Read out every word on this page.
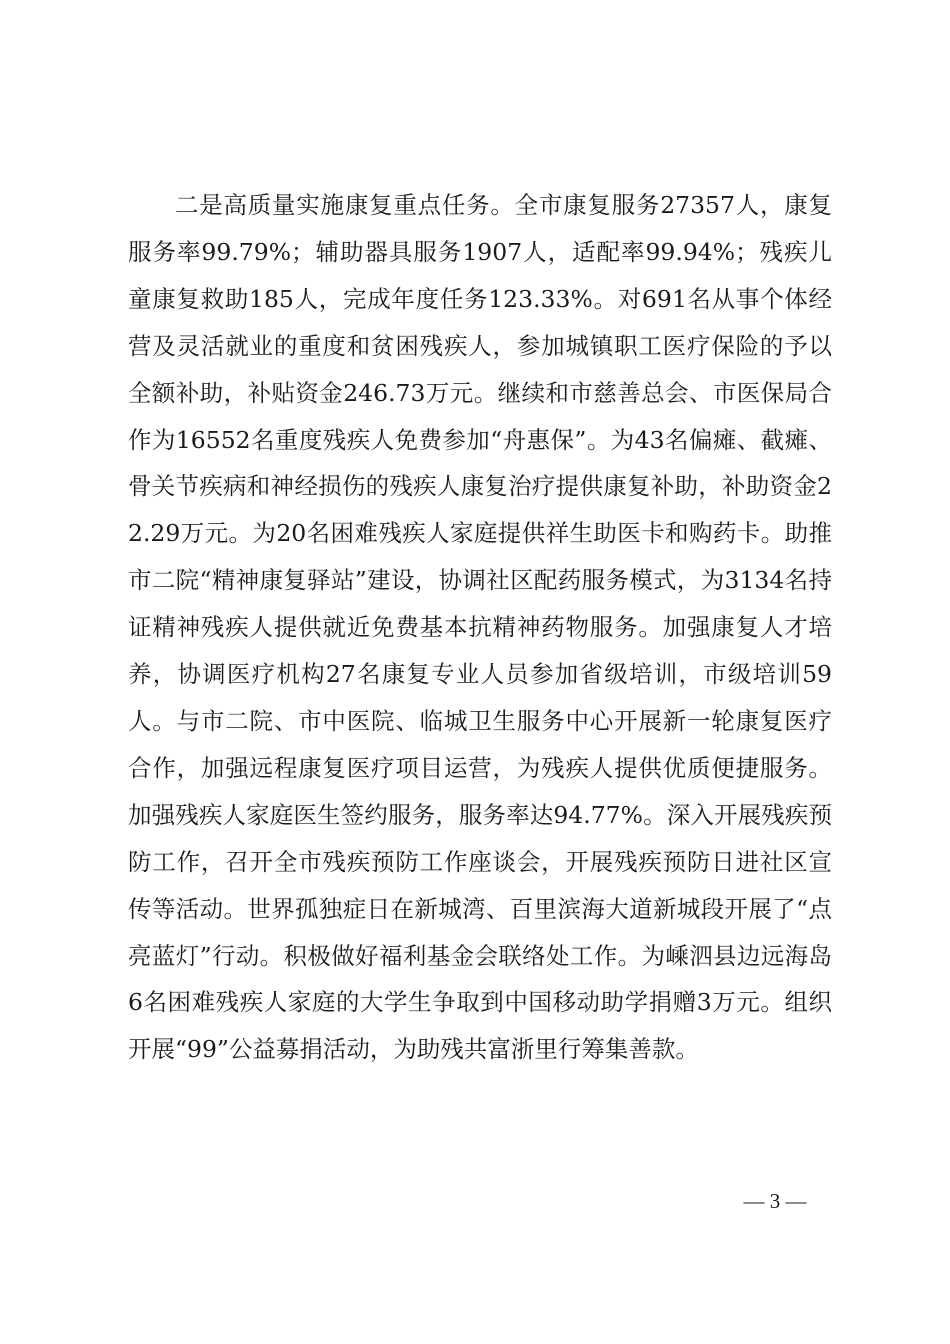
二是高质量实施康复重点任务。全市康复服务27357人，康复服务率99.79%；辅助器具服务1907人，适配率99.94%；残疾儿童康复救助185人，完成年度任务123.33%。对691名从事个体经营及灵活就业的重度和贫困残疾人，参加城镇职工医疗保险的予以全额补助，补贴资金246.73万元。继续和市慈善总会、市医保局合作为16552名重度残疾人免费参加“舟惠保”。为43名偏瘫、截瘫、骨关节疾病和神经损伤的残疾人康复治疗提供康复补助，补助资金22.29万元。为20名困难残疾人家庭提供祥生助医卡和购药卡。助推市二院“精神康复驿站”建设，协调社区配药服务模式，为3134名持证精神残疾人提供就近免费基本抗精神药物服务。加强康复人才培养，协调医疗机构27名康复专业人员参加省级培训，市级培训59人。与市二院、市中医院、临城卫生服务中心开展新一轮康复医疗合作，加强远程康复医疗项目运营，为残疾人提供优质便捷服务。加强残疾人家庭医生签约服务，服务率达94.77%。深入开展残疾预防工作，召开全市残疾预防工作座谈会，开展残疾预防日进社区宣传等活动。世界孤独症日在新城湾、百里滨海大道新城段开展了“点亮蓝灯”行动。积极做好福利基金会联络处工作。为嵊泗县边远海岛6名困难残疾人家庭的大学生争取到中国移动助学捐赠3万元。组织开展“99”公益募捐活动，为助残共富浙里行筹集善款。

— 3 —
